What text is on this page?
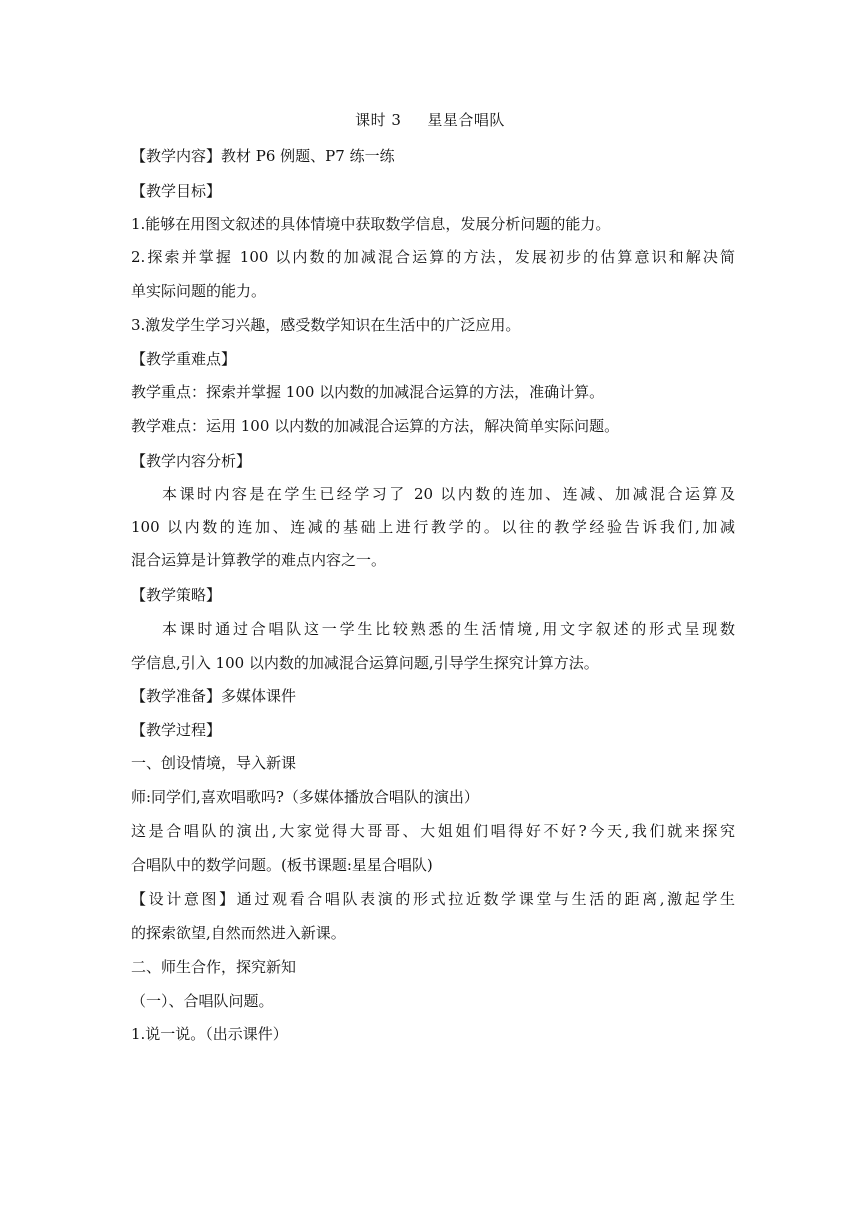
课时 3 星星合唱队
【教学内容】教材 P6 例题、P7 练一练
【教学目标】
1.能够在用图文叙述的具体情境中获取数学信息，发展分析问题的能力。
2.探索并掌握 100 以内数的加减混合运算的方法，发展初步的估算意识和解决简
单实际问题的能力。
3.激发学生学习兴趣，感受数学知识在生活中的广泛应用。
【教学重难点】
教学重点：探索并掌握 100 以内数的加减混合运算的方法，准确计算。
教学难点：运用 100 以内数的加减混合运算的方法，解决简单实际问题。
【教学内容分析】
本课时内容是在学生已经学习了 20 以内数的连加、连减、加减混合运算及
100 以内数的连加、连减的基础上进行教学的。以往的教学经验告诉我们,加减
混合运算是计算教学的难点内容之一。
【教学策略】
本课时通过合唱队这一学生比较熟悉的生活情境,用文字叙述的形式呈现数
学信息,引入 100 以内数的加减混合运算问题,引导学生探究计算方法。
【教学准备】多媒体课件
【教学过程】
一、创设情境，导入新课
师:同学们,喜欢唱歌吗?（多媒体播放合唱队的演出）
这是合唱队的演出,大家觉得大哥哥、大姐姐们唱得好不好?今天,我们就来探究
合唱队中的数学问题。(板书课题:星星合唱队)
【设计意图】通过观看合唱队表演的形式拉近数学课堂与生活的距离,激起学生
的探索欲望,自然而然进入新课。
二、师生合作，探究新知
（一）、合唱队问题。
1.说一说。（出示课件）
